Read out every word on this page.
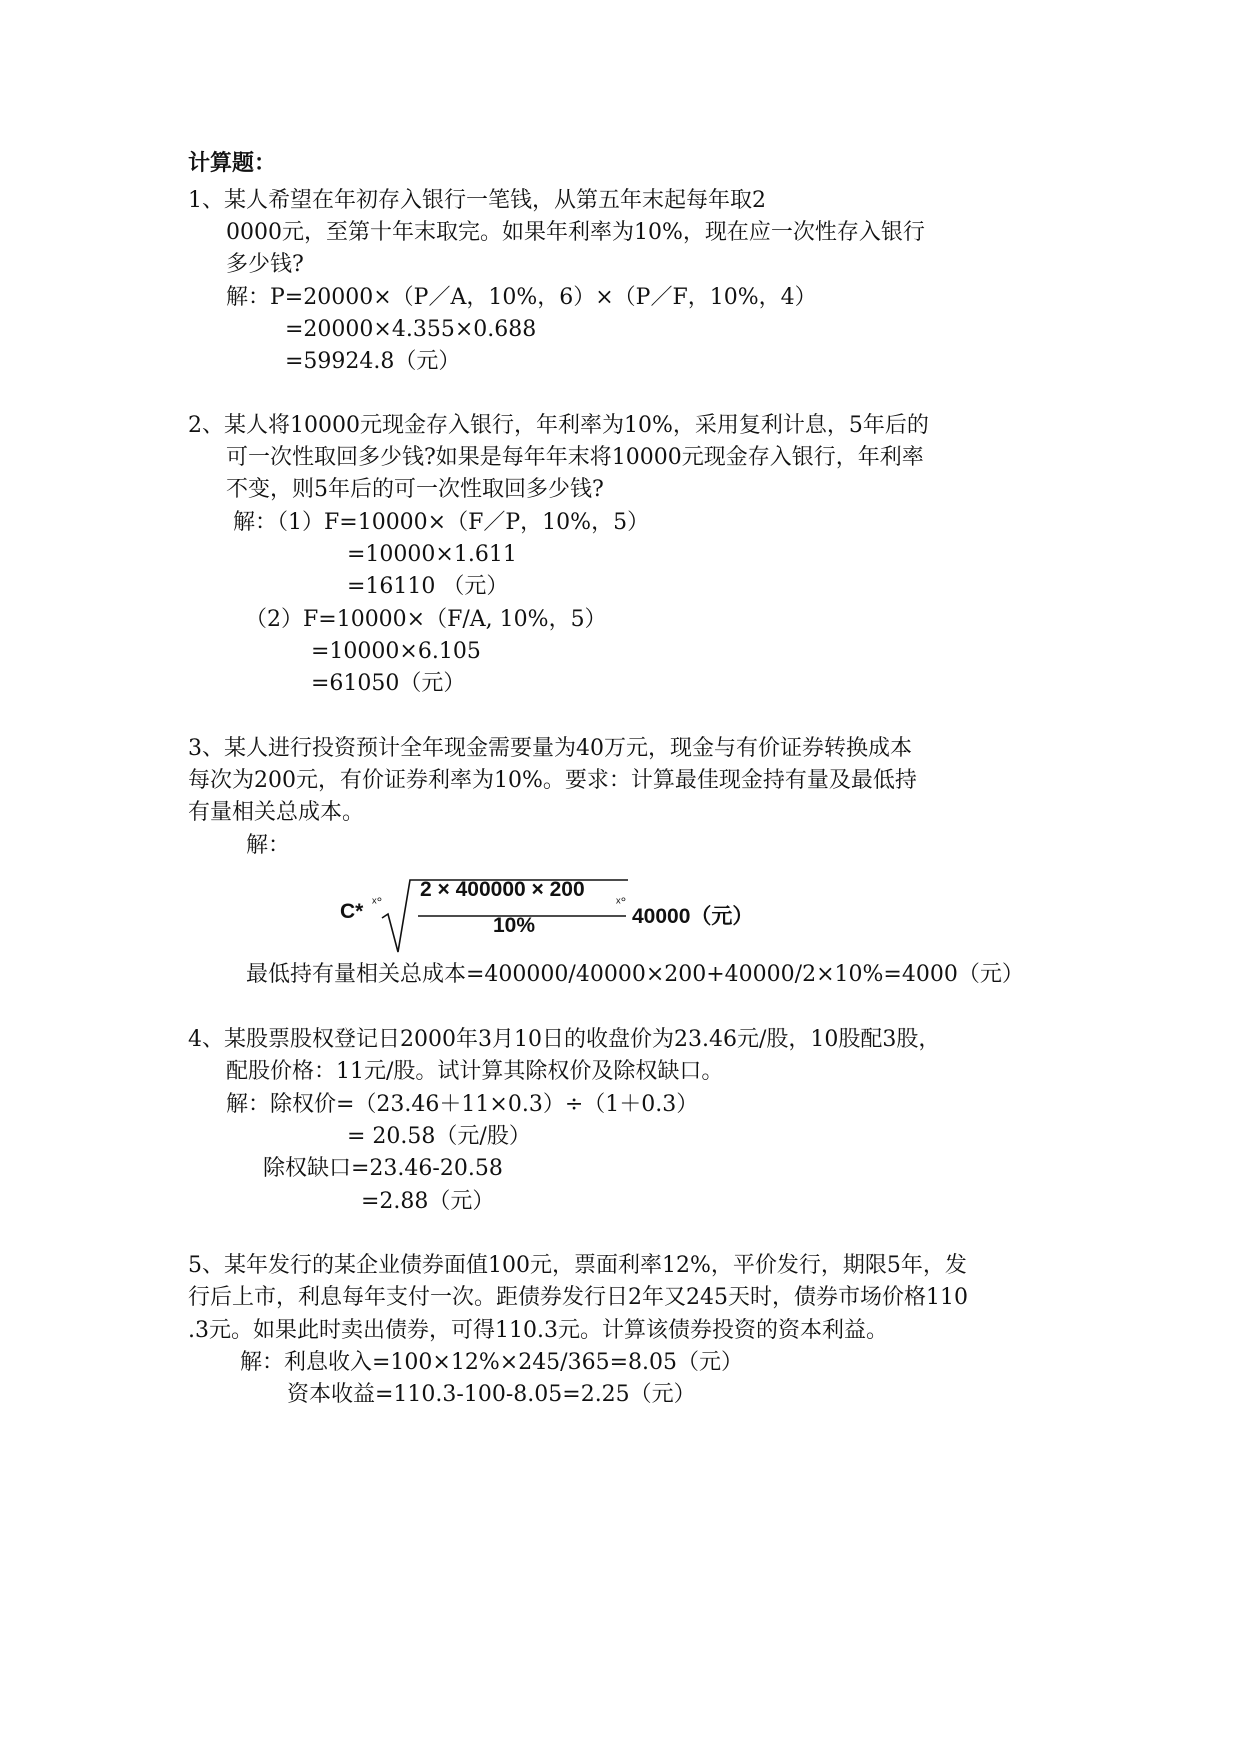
计算题：
1、某人希望在年初存入银行一笔钱，从第五年末起每年取2
0000元，至第十年末取完。如果年利率为10%，现在应一次性存入银行
多少钱?
解：P=20000×（P／A，10%，6）×（P／F，10%，4）
=20000×4.355×0.688
=59924.8（元）
2、某人将10000元现金存入银行，年利率为10%，采用复利计息，5年后的
可一次性取回多少钱?如果是每年年末将10000元现金存入银行，年利率
不变，则5年后的可一次性取回多少钱?
解：（1）F=10000×（F／P，10%，5）
=10000×1.611
=16110 （元）
（2）F=10000×（F/A, 10%，5）
=10000×6.105
=61050（元）
3、某人进行投资预计全年现金需要量为40万元，现金与有价证券转换成本
每次为200元，有价证券利率为10%。要求：计算最佳现金持有量及最低持
有量相关总成本。
解：
C* ˣ°
2 × 400000 × 200
10%
ˣ°
40000（元）
最低持有量相关总成本=400000/40000×200+40000/2×10%=4000（元）
4、某股票股权登记日2000年3月10日的收盘价为23.46元/股，10股配3股，
配股价格：11元/股。试计算其除权价及除权缺口。
解：除权价=（23.46＋11×0.3）÷（1＋0.3）
= 20.58（元/股）
除权缺口=23.46-20.58
=2.88（元）
5、某年发行的某企业债券面值100元，票面利率12%，平价发行，期限5年，发
行后上市，利息每年支付一次。距债券发行日2年又245天时，债券市场价格110
.3元。如果此时卖出债券，可得110.3元。计算该债券投资的资本利益。
解：利息收入=100×12%×245/365=8.05（元）
资本收益=110.3-100-8.05=2.25（元）
